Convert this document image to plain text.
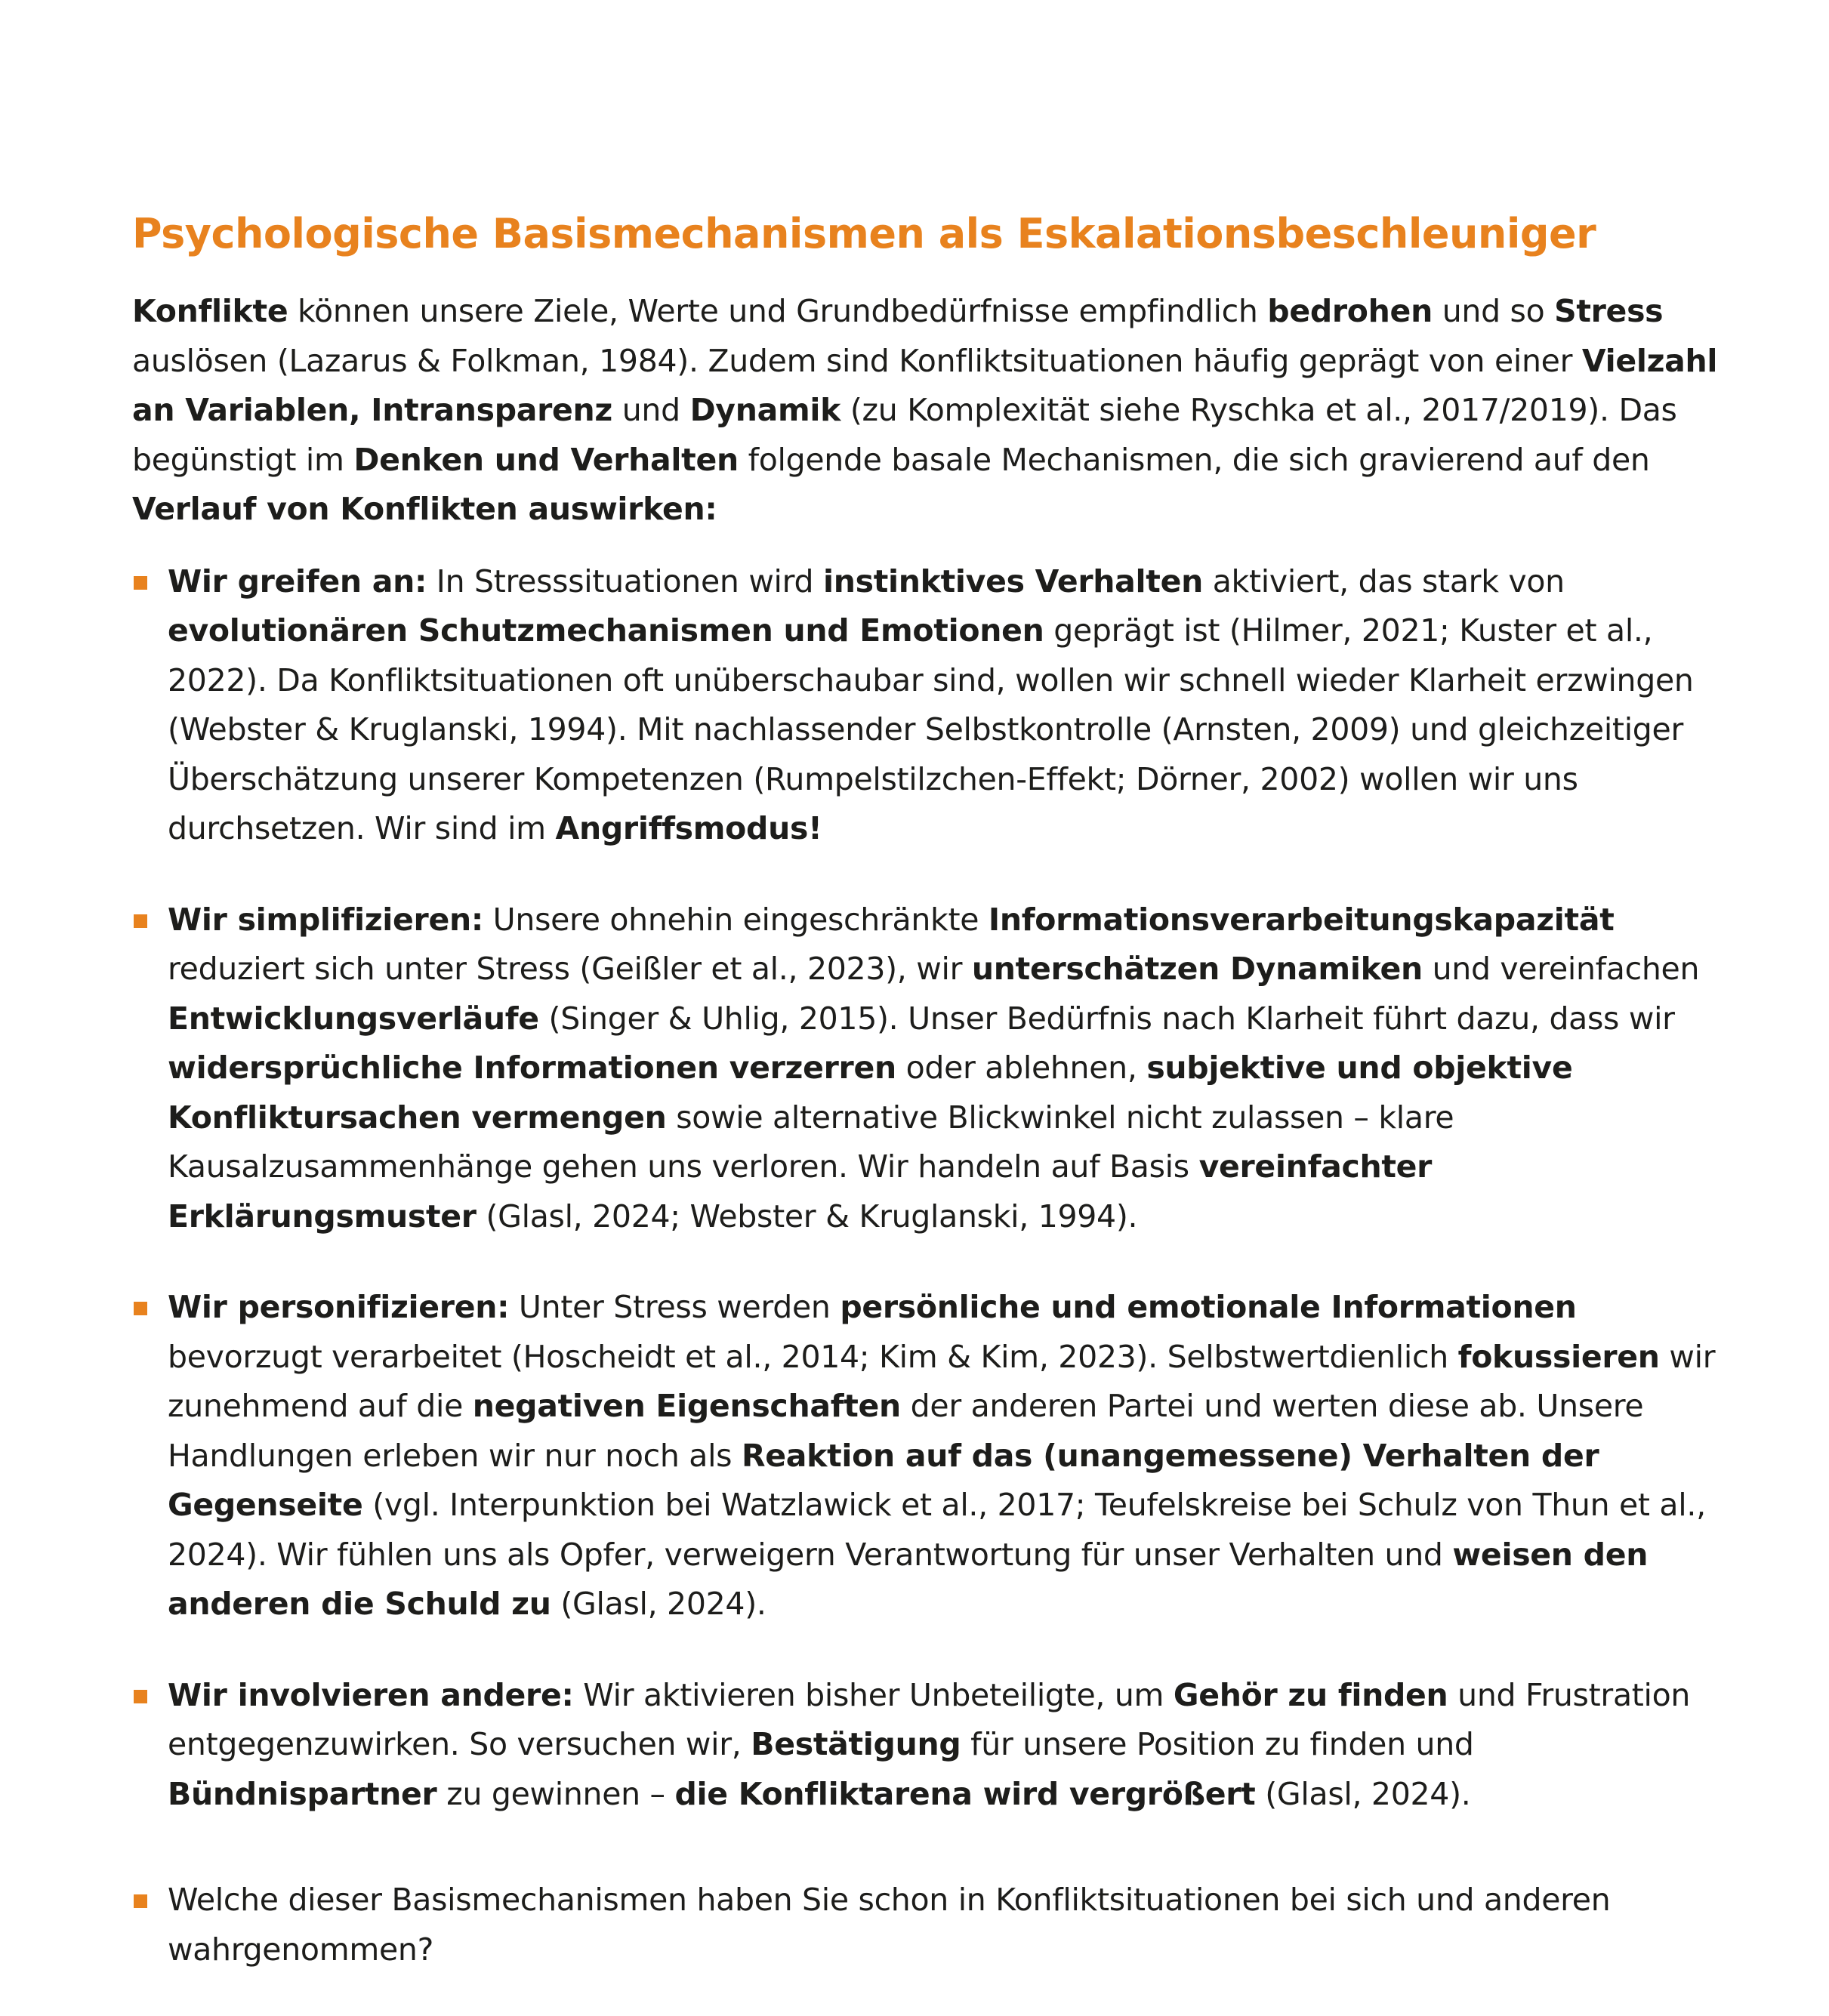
Psychologische Basismechanismen als Eskalationsbeschleuniger

Konflikte können unsere Ziele, Werte und Grundbedürfnisse empfindlich bedrohen und so Stress auslösen (Lazarus & Folkman, 1984). Zudem sind Konfliktsituationen häufig geprägt von einer Vielzahl an Variablen, Intransparenz und Dynamik (zu Komplexität siehe Ryschka et al., 2017/2019). Das begünstigt im Denken und Verhalten folgende basale Mechanismen, die sich gravierend auf den Verlauf von Konflikten auswirken:

Wir greifen an: In Stresssituationen wird instinktives Verhalten aktiviert, das stark von evolutionären Schutzmechanismen und Emotionen geprägt ist (Hilmer, 2021; Kuster et al., 2022). Da Konfliktsituationen oft unüberschaubar sind, wollen wir schnell wieder Klarheit erzwingen (Webster & Kruglanski, 1994). Mit nachlassender Selbstkontrolle (Arnsten, 2009) und gleichzeitiger Überschätzung unserer Kompetenzen (Rumpelstilzchen-Effekt; Dörner, 2002) wollen wir uns durchsetzen. Wir sind im Angriffsmodus!

Wir simplifizieren: Unsere ohnehin eingeschränkte Informationsverarbeitungskapazität reduziert sich unter Stress (Geißler et al., 2023), wir unterschätzen Dynamiken und vereinfachen Entwicklungsverläufe (Singer & Uhlig, 2015). Unser Bedürfnis nach Klarheit führt dazu, dass wir widersprüchliche Informationen verzerren oder ablehnen, subjektive und objektive Konfliktursachen vermengen sowie alternative Blickwinkel nicht zulassen – klare Kausalzusammenhänge gehen uns verloren. Wir handeln auf Basis vereinfachter Erklärungsmuster (Glasl, 2024; Webster & Kruglanski, 1994).

Wir personifizieren: Unter Stress werden persönliche und emotionale Informationen bevorzugt verarbeitet (Hoscheidt et al., 2014; Kim & Kim, 2023). Selbstwertdienlich fokussieren wir zunehmend auf die negativen Eigenschaften der anderen Partei und werten diese ab. Unsere Handlungen erleben wir nur noch als Reaktion auf das (unangemessene) Verhalten der Gegenseite (vgl. Interpunktion bei Watzlawick et al., 2017; Teufelskreise bei Schulz von Thun et al., 2024). Wir fühlen uns als Opfer, verweigern Verantwortung für unser Verhalten und weisen den anderen die Schuld zu (Glasl, 2024).

Wir involvieren andere: Wir aktivieren bisher Unbeteiligte, um Gehör zu finden und Frustration entgegenzuwirken. So versuchen wir, Bestätigung für unsere Position zu finden und Bündnispartner zu gewinnen – die Konfliktarena wird vergrößert (Glasl, 2024).

Welche dieser Basismechanismen haben Sie schon in Konfliktsituationen bei sich und anderen wahrgenommen?
